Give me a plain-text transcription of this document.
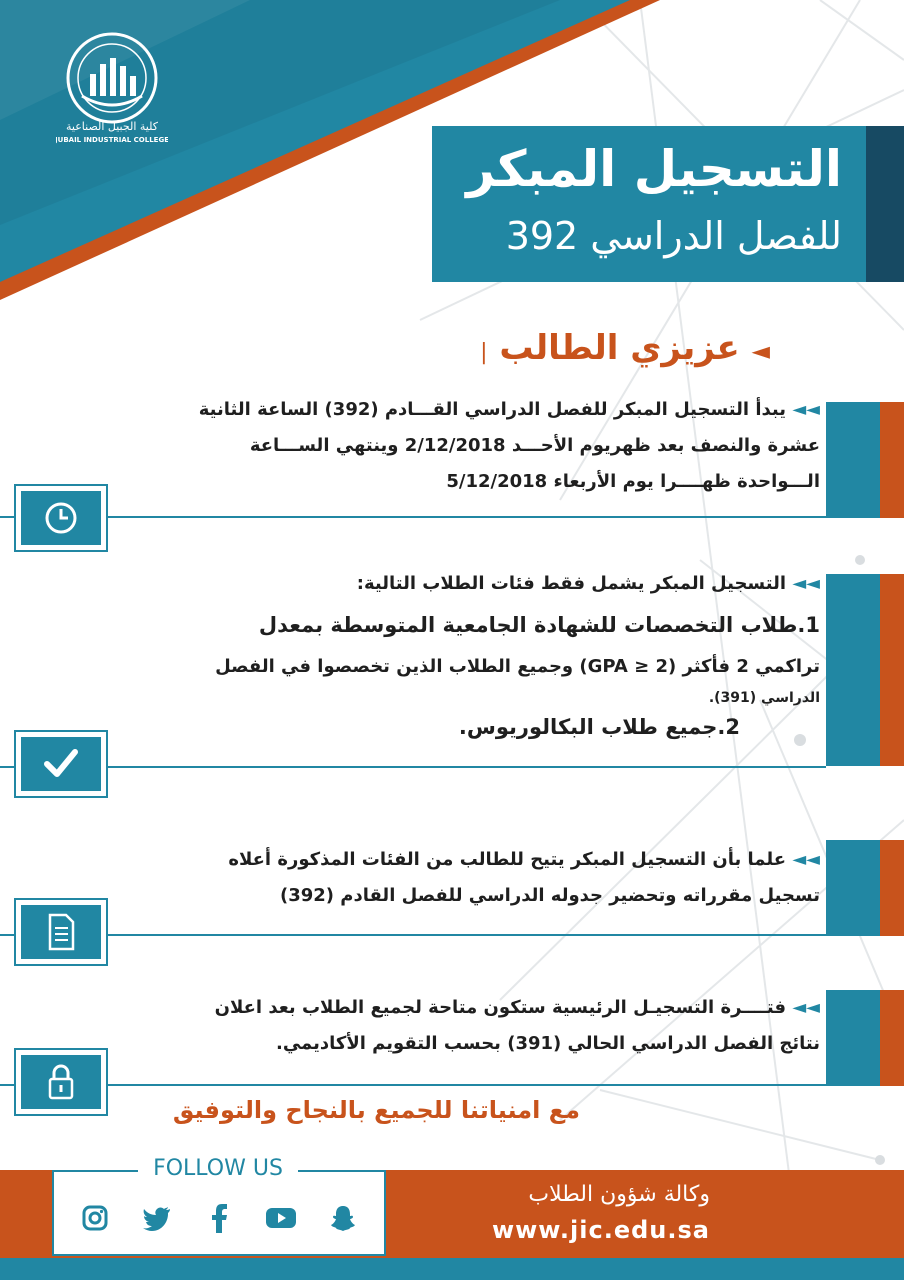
كلية الجبيل الصناعية
JUBAIL INDUSTRIAL COLLEGE	التسجيل المبكر
للفصل الدراسي 392
◄ عزيزي الطالب |
◄◄ يبدأ التسجيل المبكر للفصل الدراسي القـــادم (392) الساعة الثانية
عشرة والنصف بعد ظهريوم الأحـــد 2/12/2018 وينتهي الســـاعة
الـــواحدة ظهــــرا يوم الأربعاء 5/12/2018
◄◄ التسجيل المبكر يشمل فقط فئات الطلاب التالية:
1.طلاب التخصصات للشهادة الجامعية المتوسطة بمعدل
تراكمي 2 فأكثر (GPA ≥ 2) وجميع الطلاب الذين تخصصوا في الفصل
الدراسي (391).
2.جميع طلاب البكالوريوس.
◄◄ علما بأن التسجيل المبكر يتيح للطالب من الفئات المذكورة أعلاه
تسجيل مقرراته وتحضير جدوله الدراسي للفصل القادم (392)
◄◄ فتــــرة التسجيـل الرئيسية ستكون متاحة لجميع الطلاب بعد اعلان
نتائج الفصل الدراسي الحالي (391) بحسب التقويم الأكاديمي.
مع امنياتنا للجميع بالنجاح والتوفيق
FOLLOW US
وكالة شؤون الطلاب
www.jic.edu.sa
